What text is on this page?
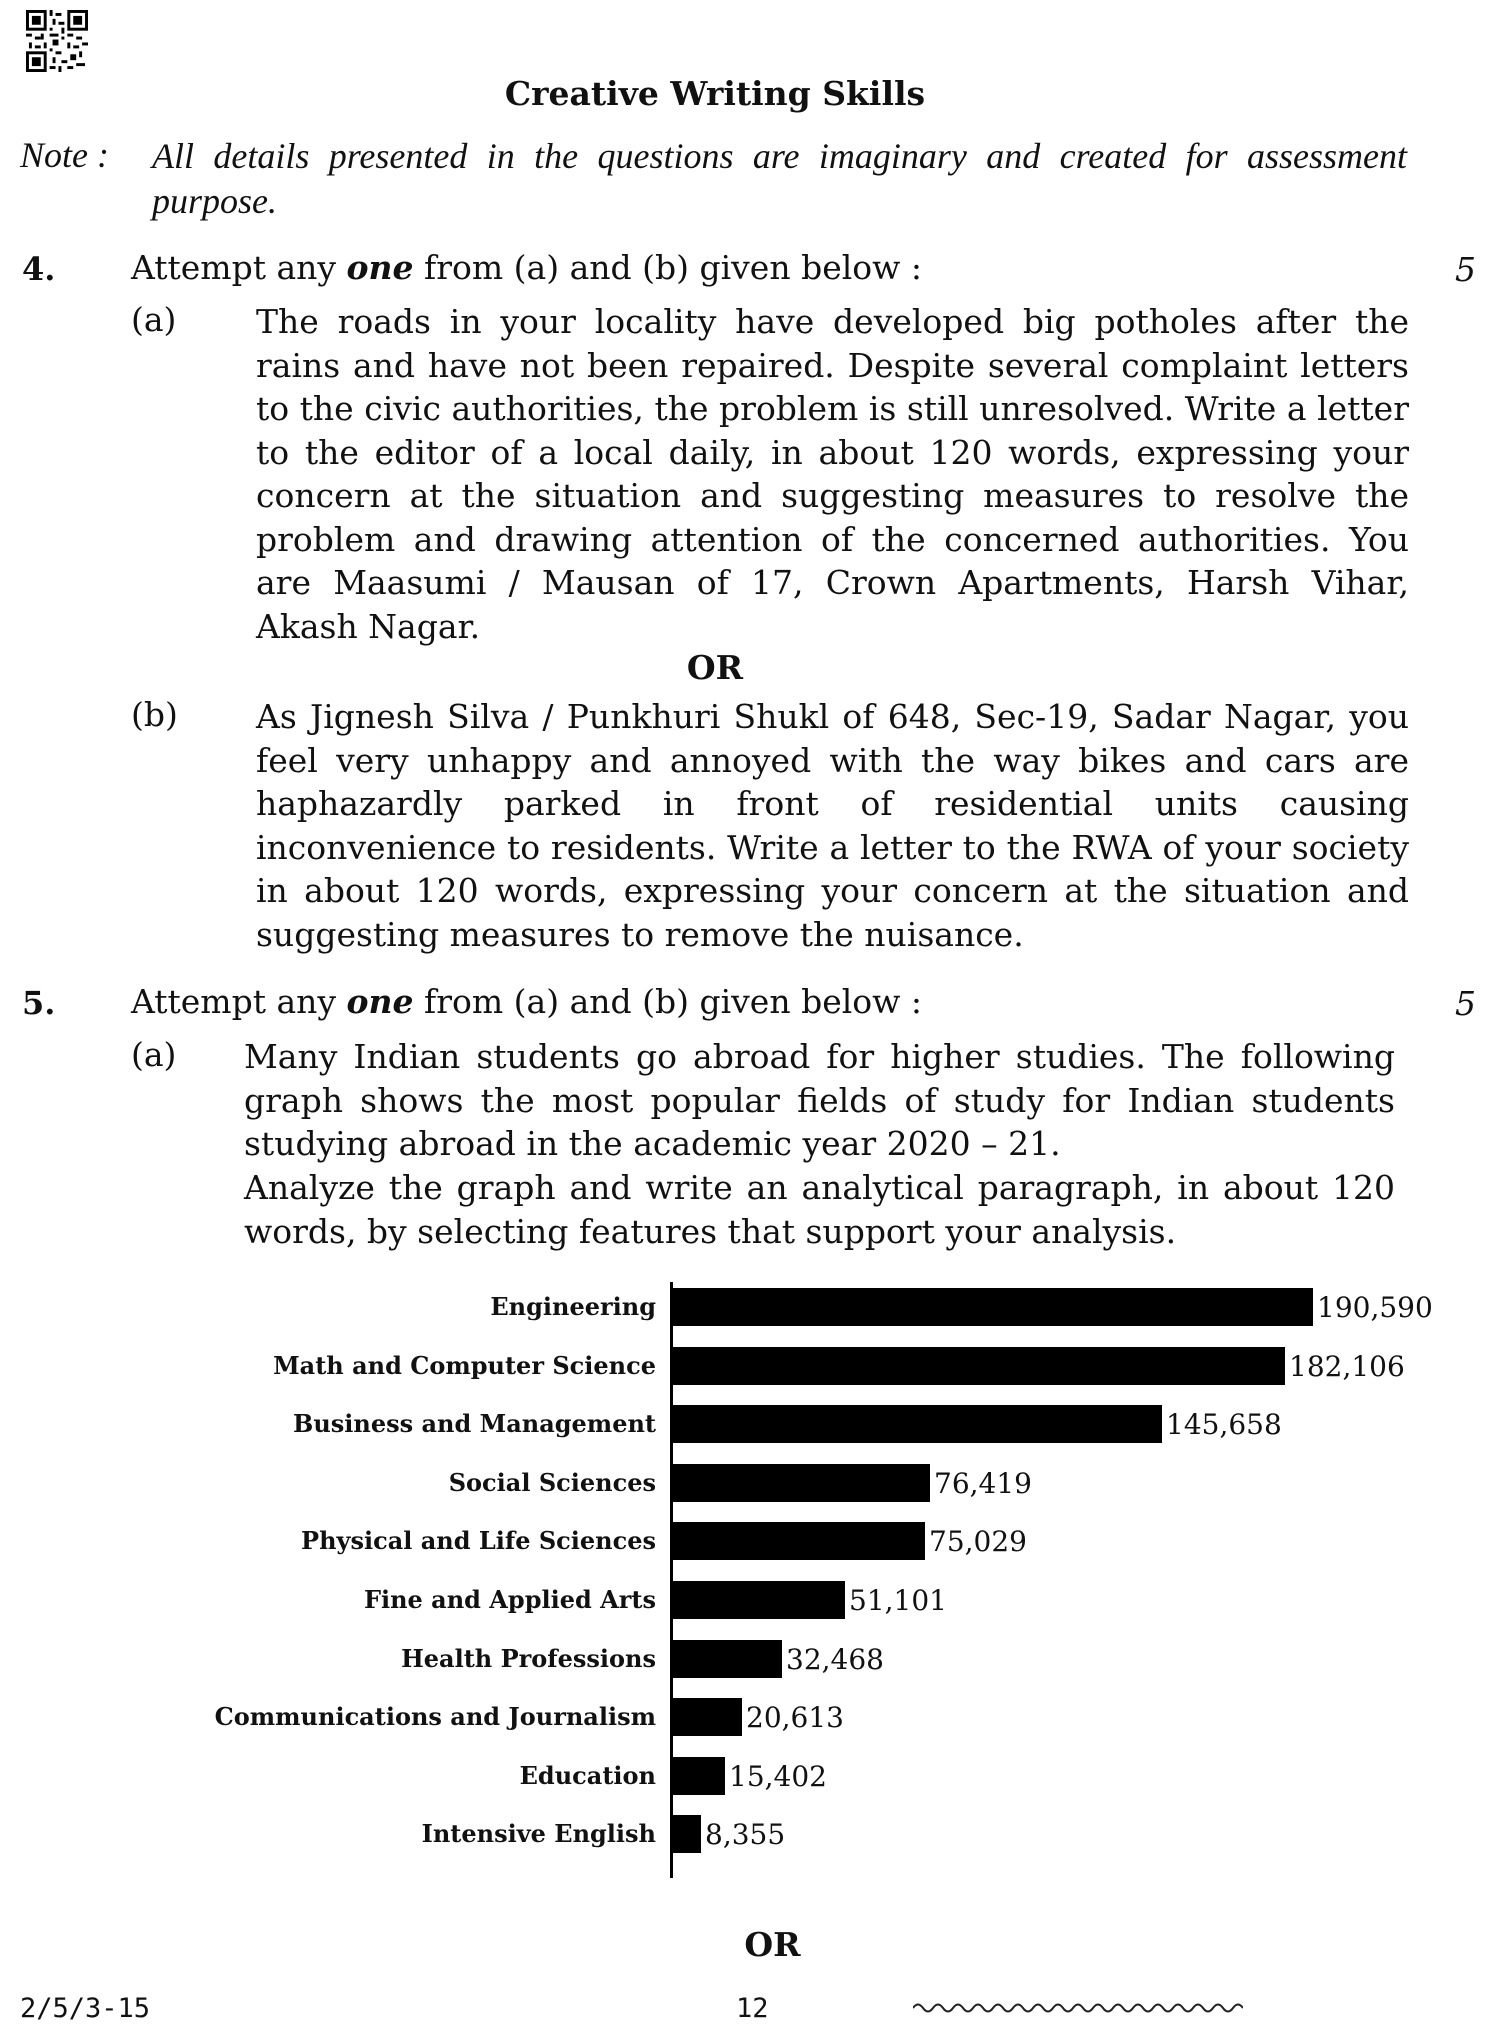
Creative Writing Skills
Note : All details presented in the questions are imaginary and created for assessment purpose.
4. Attempt any one from (a) and (b) given below :	5
(a) The roads in your locality have developed big potholes after the rains and have not been repaired. Despite several complaint letters to the civic authorities, the problem is still unresolved. Write a letter to the editor of a local daily, in about 120 words, expressing your concern at the situation and suggesting measures to resolve the problem and drawing attention of the concerned authorities. You are Maasumi / Mausan of 17, Crown Apartments, Harsh Vihar, Akash Nagar.
OR
(b) As Jignesh Silva / Punkhuri Shukl of 648, Sec-19, Sadar Nagar, you feel very unhappy and annoyed with the way bikes and cars are haphazardly parked in front of residential units causing inconvenience to residents. Write a letter to the RWA of your society in about 120 words, expressing your concern at the situation and suggesting measures to remove the nuisance.
5. Attempt any one from (a) and (b) given below :	5
(a) Many Indian students go abroad for higher studies. The following graph shows the most popular fields of study for Indian students studying abroad in the academic year 2020 – 21.
Analyze the graph and write an analytical paragraph, in about 120 words, by selecting features that support your analysis.
Engineering	190,590
Math and Computer Science	182,106
Business and Management	145,658
Social Sciences	76,419
Physical and Life Sciences	75,029
Fine and Applied Arts	51,101
Health Professions	32,468
Communications and Journalism	20,613
Education	15,402
Intensive English 8,355
OR
2/5/3-15	12
